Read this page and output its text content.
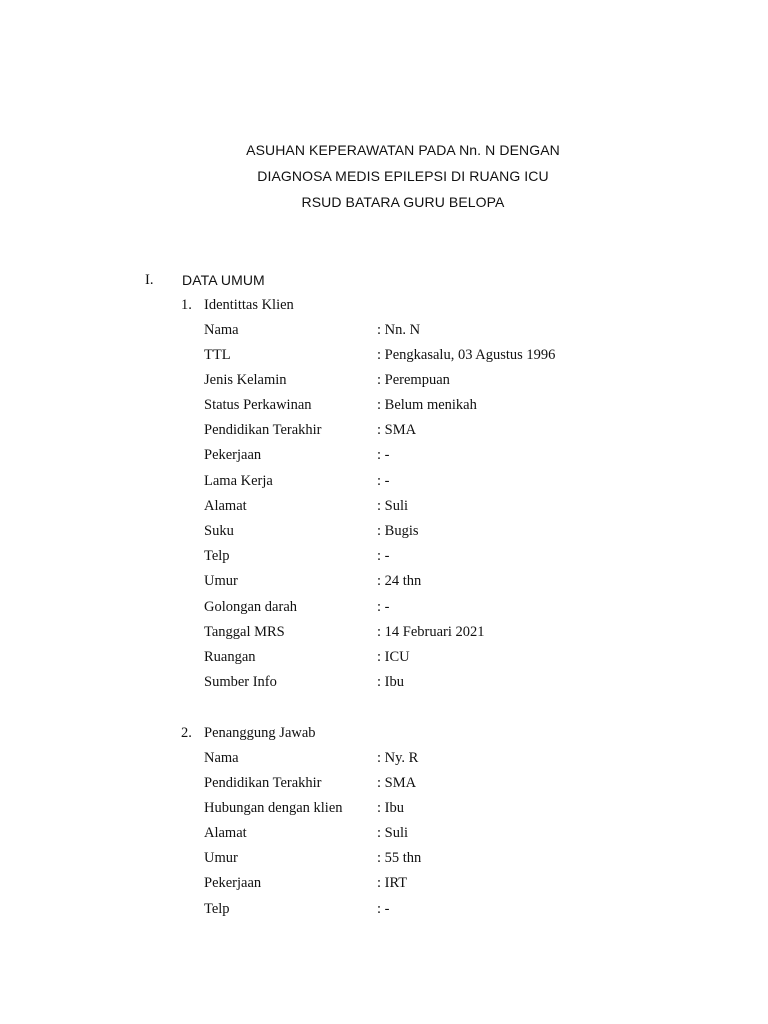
ASUHAN KEPERAWATAN PADA Nn. N DENGAN
DIAGNOSA MEDIS EPILEPSI DI RUANG ICU
RSUD BATARA GURU BELOPA
I. DATA UMUM
1. Identittas Klien
Nama	: Nn. N
TTL	: Pengkasalu, 03 Agustus 1996
Jenis Kelamin	: Perempuan
Status Perkawinan	: Belum menikah
Pendidikan Terakhir	: SMA
Pekerjaan	: -
Lama Kerja	: -
Alamat	: Suli
Suku	: Bugis
Telp	: -
Umur	: 24 thn
Golongan darah	: -
Tanggal MRS	: 14 Februari 2021
Ruangan	: ICU
Sumber Info	: Ibu
2. Penanggung Jawab
Nama	: Ny. R
Pendidikan Terakhir	: SMA
Hubungan dengan klien : Ibu
Alamat	: Suli
Umur	: 55 thn
Pekerjaan	: IRT
Telp	: -
